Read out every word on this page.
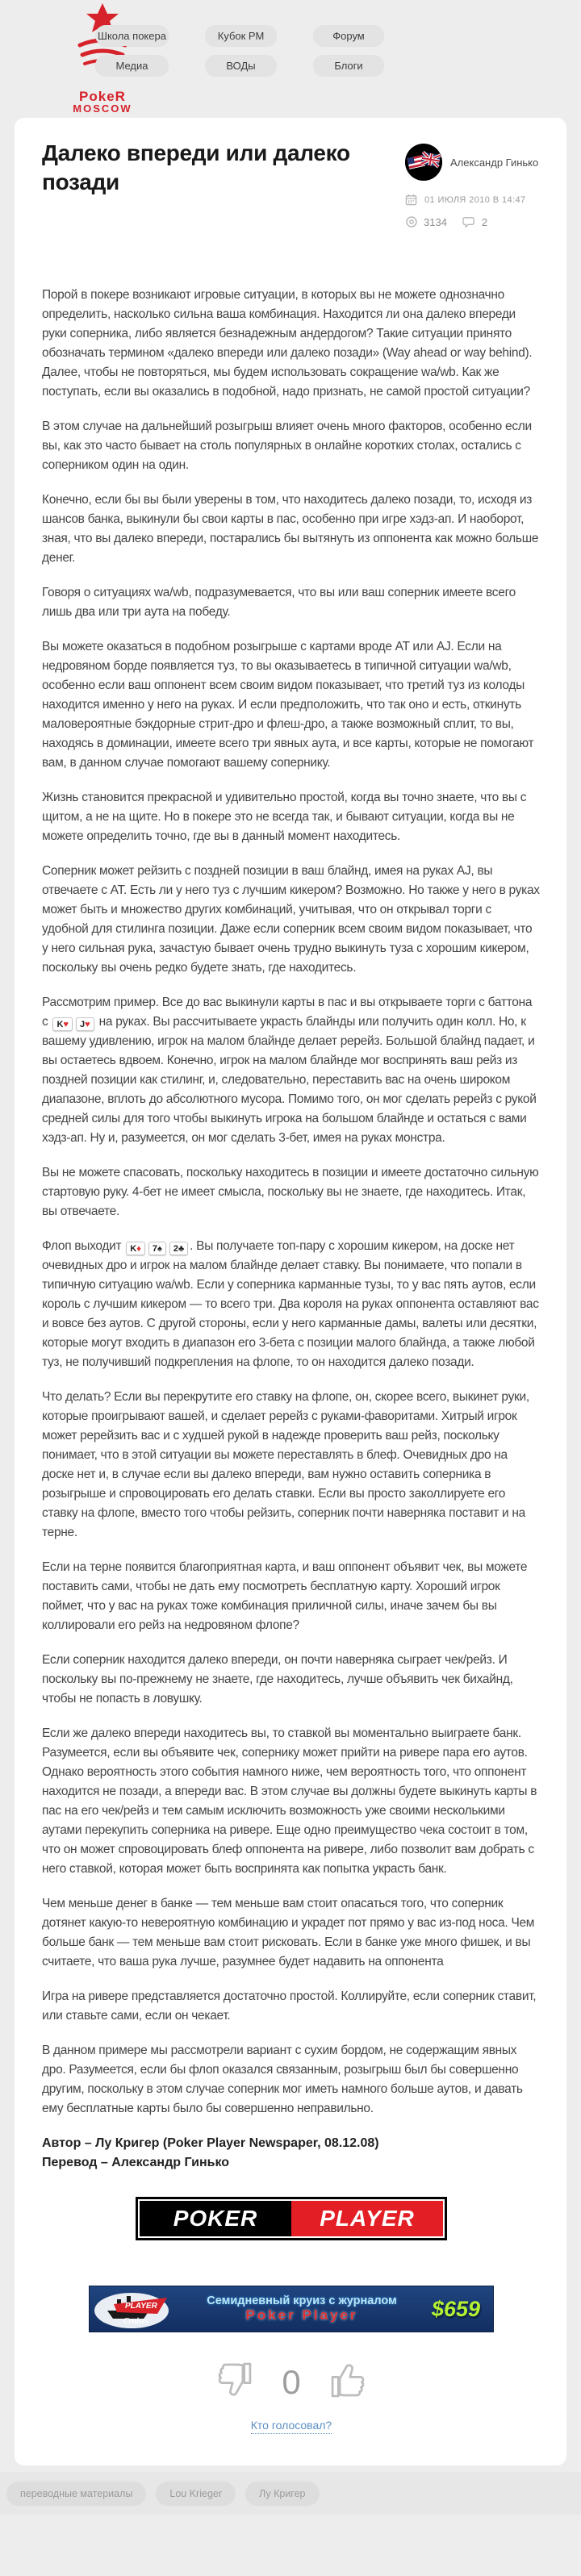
PokeR
MOSCOW
Школа покера	Кубок РМ	Форум
Медиа	ВОДы	Блоги
Далеко впереди или далеко позади
Александр Гинько
01 ИЮЛЯ 2010 В 14:47
3134	2

Порой в покере возникают игровые ситуации, в которых вы не можете однозначно определить, насколько сильна ваша комбинация. Находится ли она далеко впереди руки соперника, либо является безнадежным андердогом? Такие ситуации принято обозначать термином «далеко впереди или далеко позади» (Way ahead or way behind). Далее, чтобы не повторяться, мы будем использовать сокращение wa/wb. Как же поступать, если вы оказались в подобной, надо признать, не самой простой ситуации?

В этом случае на дальнейший розыгрыш влияет очень много факторов, особенно если вы, как это часто бывает на столь популярных в онлайне коротких столах, остались с соперником один на один.

Конечно, если бы вы были уверены в том, что находитесь далеко позади, то, исходя из шансов банка, выкинули бы свои карты в пас, особенно при игре хэдз-ап. И наоборот, зная, что вы далеко впереди, постарались бы вытянуть из оппонента как можно больше денег.

Говоря о ситуациях wa/wb, подразумевается, что вы или ваш соперник имеете всего лишь два или три аута на победу.

Вы можете оказаться в подобном розыгрыше с картами вроде AT или AJ. Если на недровяном борде появляется туз, то вы оказываетесь в типичной ситуации wa/wb, особенно если ваш оппонент всем своим видом показывает, что третий туз из колоды находится именно у него на руках. И если предположить, что так оно и есть, откинуть маловероятные бэкдорные стрит-дро и флеш-дро, а также возможный сплит, то вы, находясь в доминации, имеете всего три явных аута, и все карты, которые не помогают вам, в данном случае помогают вашему сопернику.

Жизнь становится прекрасной и удивительно простой, когда вы точно знаете, что вы с щитом, а не на щите. Но в покере это не всегда так, и бывают ситуации, когда вы не можете определить точно, где вы в данный момент находитесь.

Соперник может рейзить с поздней позиции в ваш блайнд, имея на руках AJ, вы отвечаете с AT. Есть ли у него туз с лучшим кикером? Возможно. Но также у него в руках может быть и множество других комбинаций, учитывая, что он открывал торги с удобной для стилинга позиции. Даже если соперник всем своим видом показывает, что у него сильная рука, зачастую бывает очень трудно выкинуть туза с хорошим кикером, поскольку вы очень редко будете знать, где находитесь.

Рассмотрим пример. Все до вас выкинули карты в пас и вы открываете торги с баттона с K♥ J♥ на руках. Вы рассчитываете украсть блайнды или получить один колл. Но, к вашему удивлению, игрок на малом блайнде делает ререйз. Большой блайнд падает, и вы остаетесь вдвоем. Конечно, игрок на малом блайнде мог воспринять ваш рейз из поздней позиции как стилинг, и, следовательно, переставить вас на очень широком диапазоне, вплоть до абсолютного мусора. Помимо того, он мог сделать ререйз с рукой средней силы для того чтобы выкинуть игрока на большом блайнде и остаться с вами хэдз-ап. Ну и, разумеется, он мог сделать 3-бет, имея на руках монстра.

Вы не можете спасовать, поскольку находитесь в позиции и имеете достаточно сильную стартовую руку. 4-бет не имеет смысла, поскольку вы не знаете, где находитесь. Итак, вы отвечаете.

Флоп выходит K♦ 7♠ 2♣ . Вы получаете топ-пару с хорошим кикером, на доске нет очевидных дро и игрок на малом блайнде делает ставку. Вы понимаете, что попали в типичную ситуацию wa/wb. Если у соперника карманные тузы, то у вас пять аутов, если король с лучшим кикером — то всего три. Два короля на руках оппонента оставляют вас и вовсе без аутов. С другой стороны, если у него карманные дамы, валеты или десятки, которые могут входить в диапазон его 3-бета с позиции малого блайнда, а также любой туз, не получивший подкрепления на флопе, то он находится далеко позади.

Что делать? Если вы перекрутите его ставку на флопе, он, скорее всего, выкинет руки, которые проигрывают вашей, и сделает ререйз с руками-фаворитами. Хитрый игрок может ререйзить вас и с худшей рукой в надежде проверить ваш рейз, поскольку понимает, что в этой ситуации вы можете переставлять в блеф. Очевидных дро на доске нет и, в случае если вы далеко впереди, вам нужно оставить соперника в розыгрыше и спровоцировать его делать ставки. Если вы просто заколлируете его ставку на флопе, вместо того чтобы рейзить, соперник почти наверняка поставит и на терне.

Если на терне появится благоприятная карта, и ваш оппонент объявит чек, вы можете поставить сами, чтобы не дать ему посмотреть бесплатную карту. Хороший игрок поймет, что у вас на руках тоже комбинация приличной силы, иначе зачем бы вы коллировали его рейз на недровяном флопе?

Если соперник находится далеко впереди, он почти наверняка сыграет чек/рейз. И поскольку вы по-прежнему не знаете, где находитесь, лучше объявить чек бихайнд, чтобы не попасть в ловушку.

Если же далеко впереди находитесь вы, то ставкой вы моментально выиграете банк. Разумеется, если вы объявите чек, сопернику может прийти на ривере пара его аутов. Однако вероятность этого события намного ниже, чем вероятность того, что оппонент находится не позади, а впереди вас. В этом случае вы должны будете выкинуть карты в пас на его чек/рейз и тем самым исключить возможность уже своими несколькими аутами перекупить соперника на ривере. Еще одно преимущество чека состоит в том, что он может спровоцировать блеф оппонента на ривере, либо позволит вам добрать с него ставкой, которая может быть воспринята как попытка украсть банк.

Чем меньше денег в банке — тем меньше вам стоит опасаться того, что соперник дотянет какую-то невероятную комбинацию и украдет пот прямо у вас из-под носа. Чем больше банк — тем меньше вам стоит рисковать. Если в банке уже много фишек, и вы считаете, что ваша рука лучше, разумнее будет надавить на оппонента

Игра на ривере представляется достаточно простой. Коллируйте, если соперник ставит, или ставьте сами, если он чекает.

В данном примере мы рассмотрели вариант с сухим бордом, не содержащим явных дро. Разумеется, если бы флоп оказался связанным, розыгрыш был бы совершенно другим, поскольку в этом случае соперник мог иметь намного больше аутов, и давать ему бесплатные карты было бы совершенно неправильно.

Автор – Лу Кригер (Poker Player Newspaper, 08.12.08)
Перевод – Александр Гинько
POKER	PLAYER
PLAYER
Cruises
Семидневный круиз с журналом
Poker Player	$659
0
Кто голосовал?
переводные материалы	Lou Krieger	Лу Кригер
